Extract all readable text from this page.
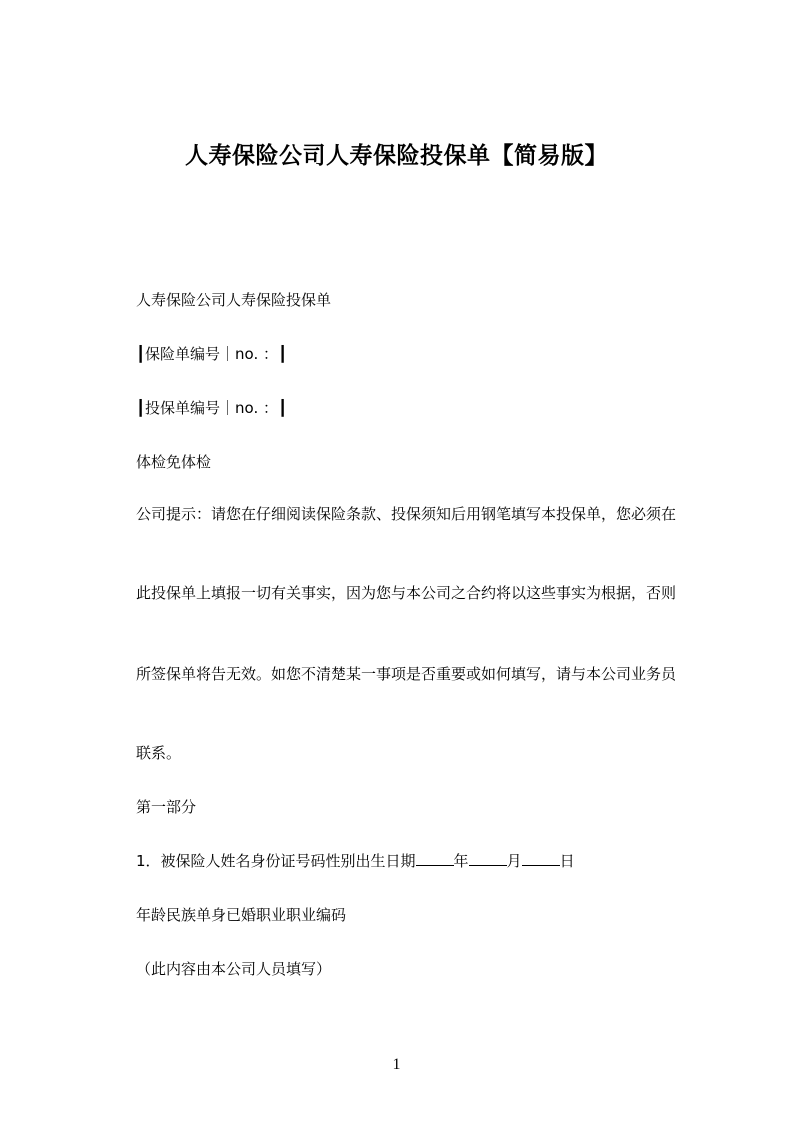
人寿保险公司人寿保险投保单【简易版】
人寿保险公司人寿保险投保单
┃保险单编号｜no. ：┃
┃投保单编号｜no. ：┃
体检免体检
公司提示：请您在仔细阅读保险条款、投保须知后用钢笔填写本投保单，您必须在
此投保单上填报一切有关事实，因为您与本公司之合约将以这些事实为根据，否则
所签保单将告无效。如您不清楚某一事项是否重要或如何填写，请与本公司业务员
联系。
第一部分
1．被保险人姓名身份证号码性别出生日期	年	月	日
年龄民族单身已婚职业职业编码
（此内容由本公司人员填写）
1
